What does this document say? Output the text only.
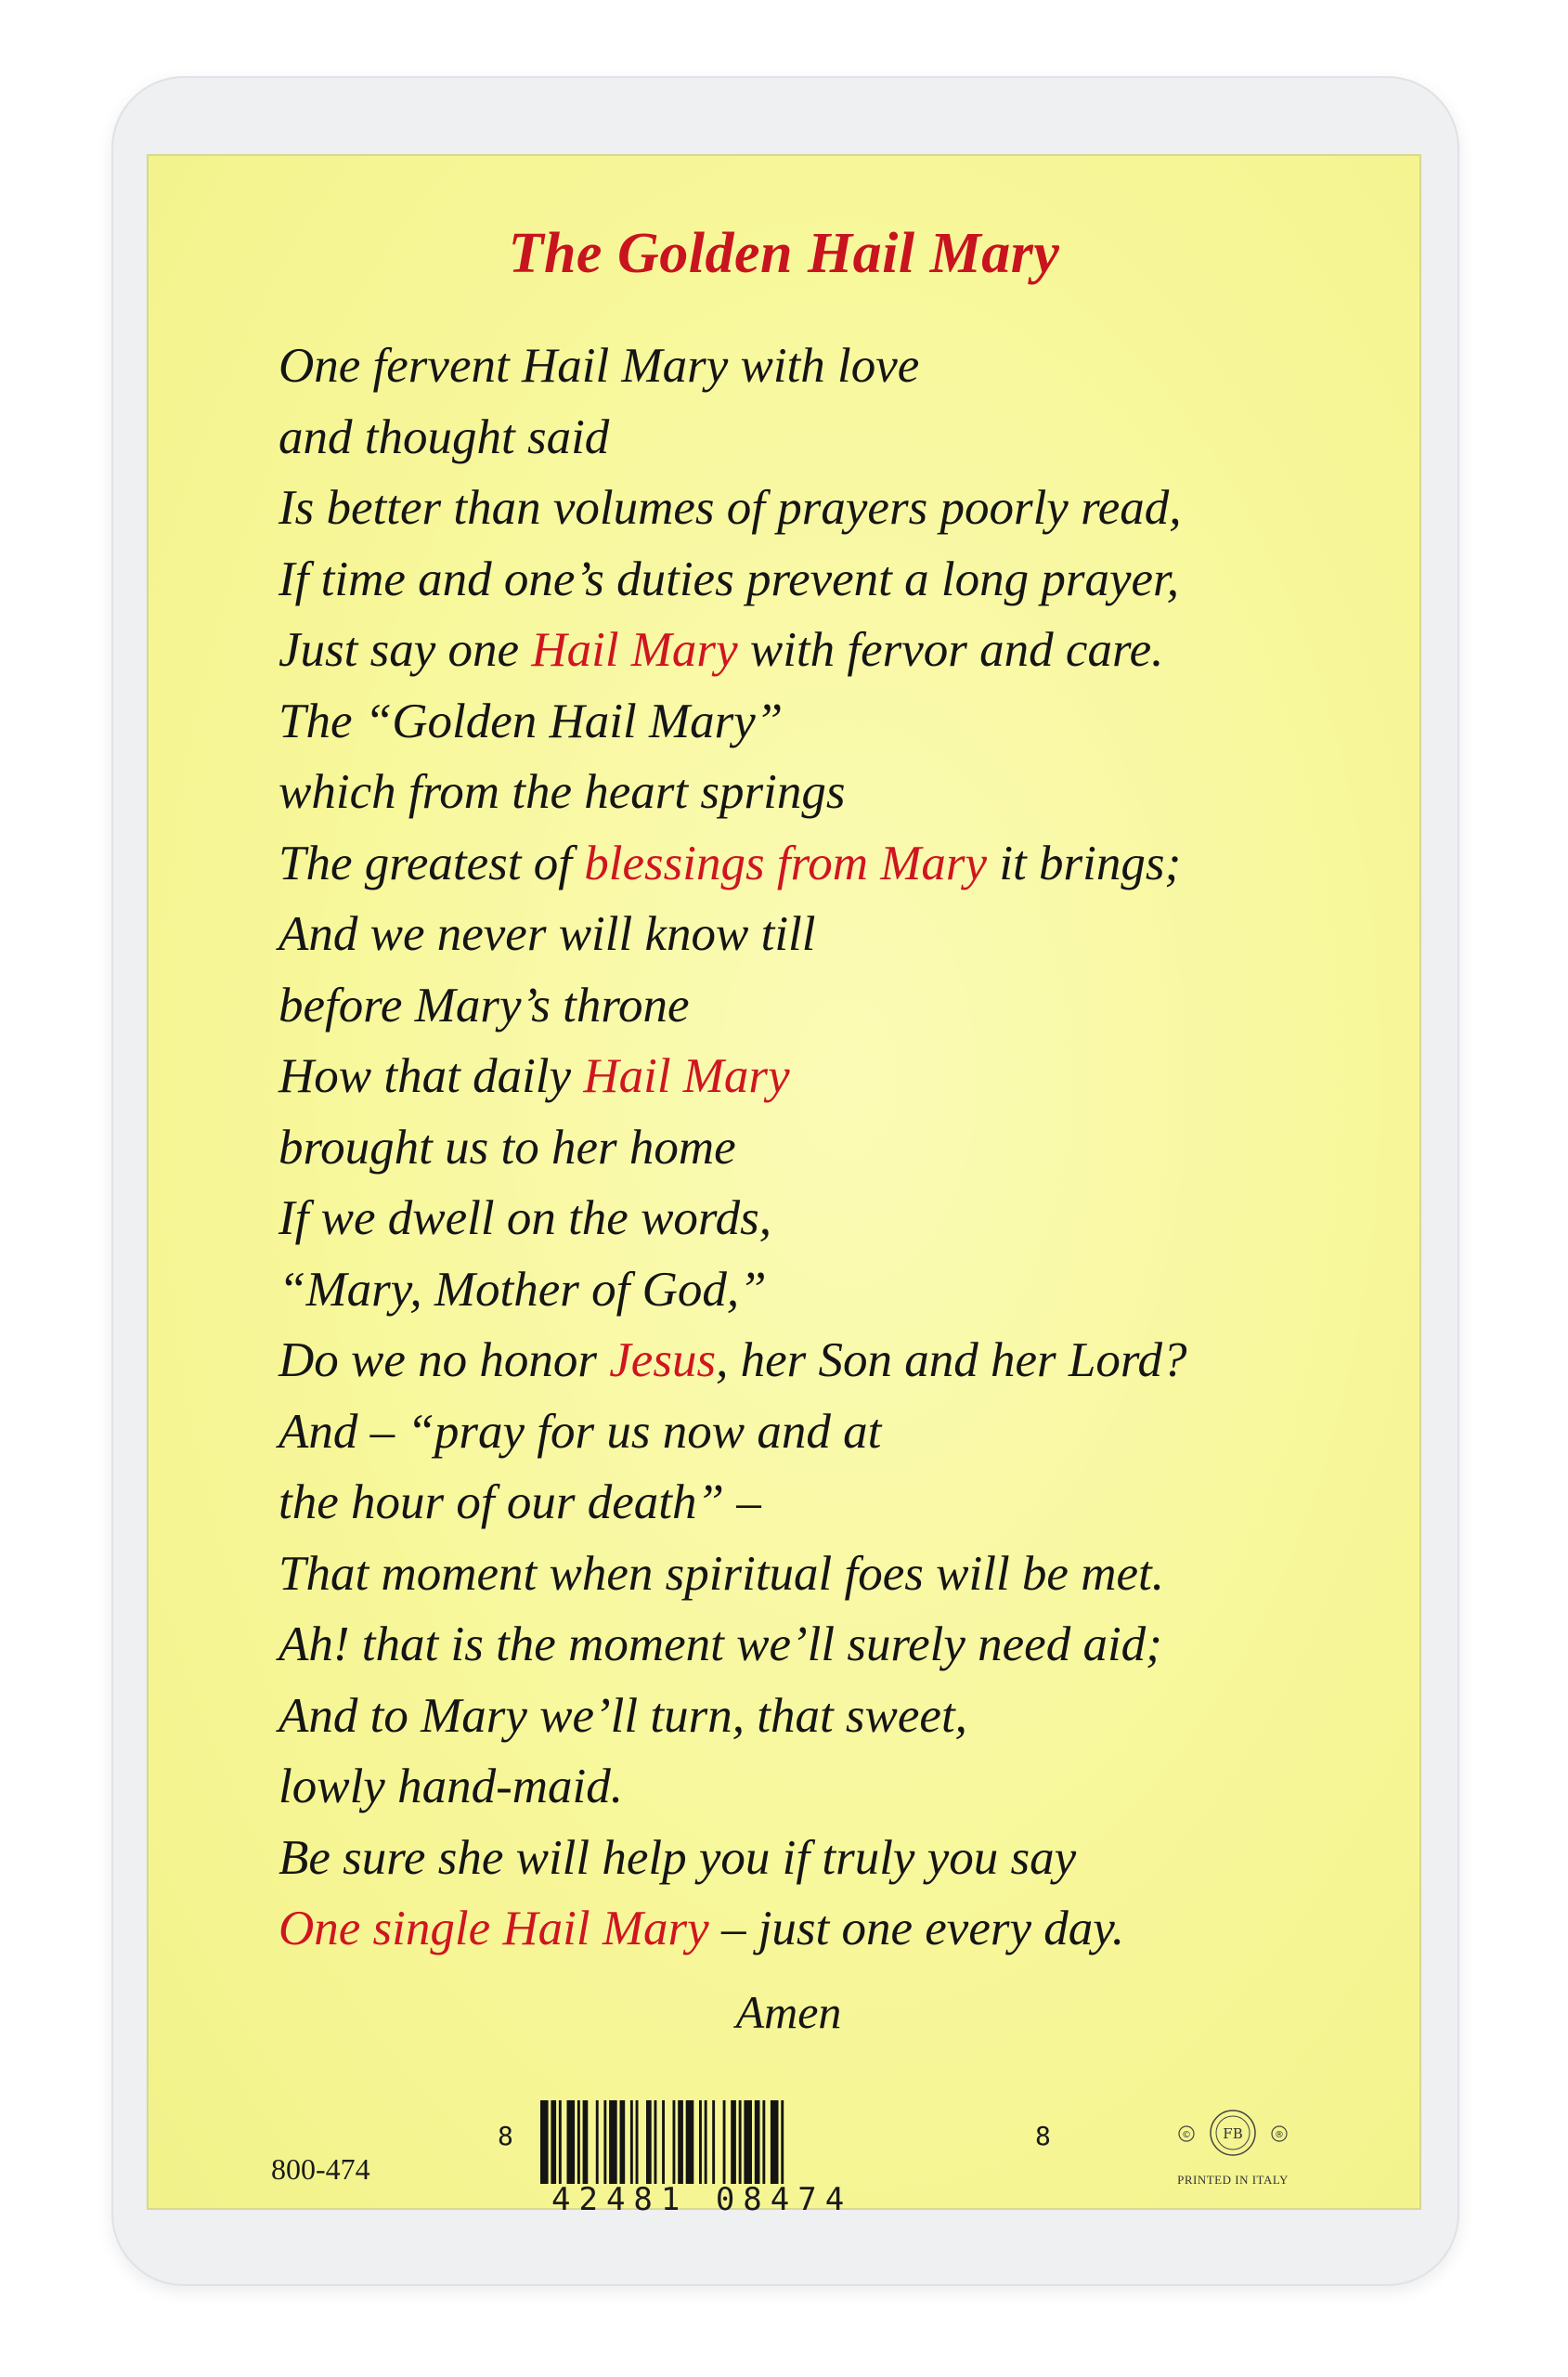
The Golden Hail Mary
One fervent Hail Mary with love
and thought said
Is better than volumes of prayers poorly read,
If time and one’s duties prevent a long prayer,
Just say one Hail Mary with fervor and care.
The “Golden Hail Mary”
which from the heart springs
The greatest of blessings from Mary it brings;
And we never will know till
before Mary’s throne
How that daily Hail Mary
brought us to her home
If we dwell on the words,
“Mary, Mother of God,”
Do we no honor Jesus, her Son and her Lord?
And – “pray for us now and at
the hour of our death” –
That moment when spiritual foes will be met.
Ah! that is the moment we’ll surely need aid;
And to Mary we’ll turn, that sweet,
lowly hand-maid.
Be sure she will help you if truly you say
One single Hail Mary – just one every day.
Amen
800-474
8
42481 08474
8	FB
©	®
PRINTED IN ITALY
